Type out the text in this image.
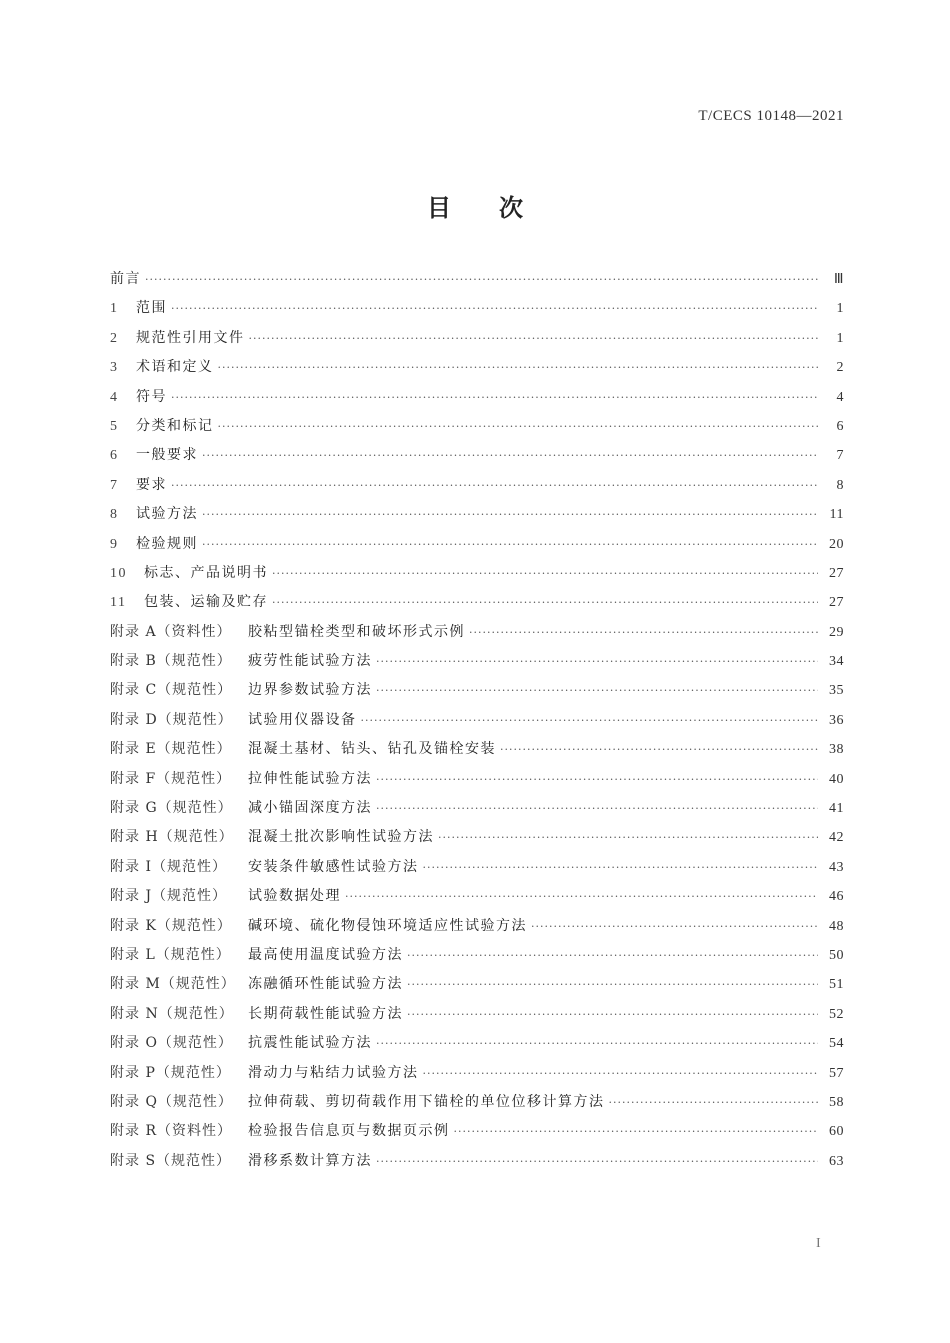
T/CECS 10148—2021
目次
前言 ·····	Ⅲ
1	范围 ·····	1
2	规范性引用文件 ·····	1
3	术语和定义 ·····	2
4	符号 ·····	4
5	分类和标记 ·····	6
6	一般要求 ·····	7
7	要求 ·····	8
8	试验方法 ·····	11
9	检验规则 ·····	20
10	标志、产品说明书 ·····	27
11	包装、运输及贮存 ·····	27
附录 A（资料性）	胶粘型锚栓类型和破坏形式示例 ·····	29
附录 B（规范性）	疲劳性能试验方法 ·····	34
附录 C（规范性）	边界参数试验方法 ·····	35
附录 D（规范性）	试验用仪器设备 ·····	36
附录 E（规范性）	混凝土基材、钻头、钻孔及锚栓安装 ·····	38
附录 F（规范性）	拉伸性能试验方法 ·····	40
附录 G（规范性）	减小锚固深度方法 ·····	41
附录 H（规范性）	混凝土批次影响性试验方法 ·····	42
附录 I（规范性）	安装条件敏感性试验方法 ·····	43
附录 J（规范性）	试验数据处理 ·····	46
附录 K（规范性）	碱环境、硫化物侵蚀环境适应性试验方法 ·····	48
附录 L（规范性）	最高使用温度试验方法 ·····	50
附录 M（规范性） 冻融循环性能试验方法 ·····	51
附录 N（规范性）	长期荷载性能试验方法 ·····	52
附录 O（规范性）	抗震性能试验方法 ·····	54
附录 P（规范性）	滑动力与粘结力试验方法 ·····	57
附录 Q（规范性）	拉伸荷载、剪切荷载作用下锚栓的单位位移计算方法 ·····	58
附录 R（资料性）	检验报告信息页与数据页示例 ·····	60
附录 S（规范性）	滑移系数计算方法 ·····	63
I
